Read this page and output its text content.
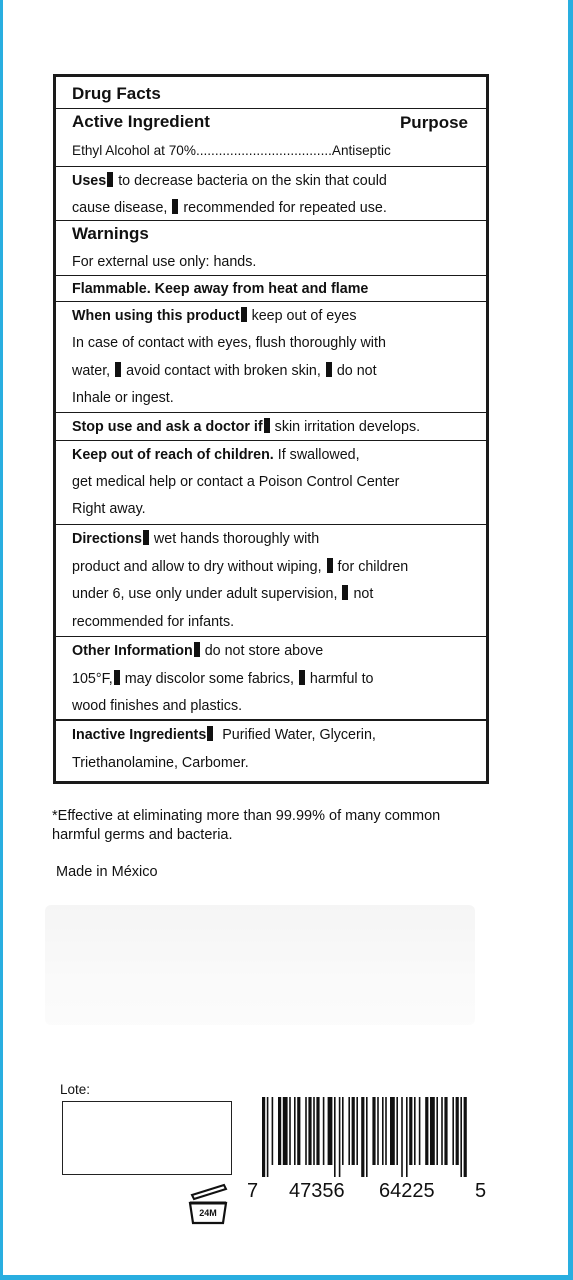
Drug Facts
Active Ingredient	Purpose
Ethyl Alcohol at 70%....................................Antiseptic
Uses to decrease bacteria on the skin that could
cause disease, recommended for repeated use.
Warnings
For external use only: hands.
Flammable. Keep away from heat and flame
When using this product keep out of eyes
In case of contact with eyes, flush thoroughly with
water, avoid contact with broken skin, do not
Inhale or ingest.
Stop use and ask a doctor if skin irritation develops.
Keep out of reach of children. If swallowed,
get medical help or contact a Poison Control Center
Right away.
Directions wet hands thoroughly with
product and allow to dry without wiping, for children
under 6, use only under adult supervision, not
recommended for infants.
Other Information do not store above
105°F, may discolor some fabrics, harmful to
wood finishes and plastics.
Inactive Ingredients Purified Water, Glycerin,
Triethanolamine, Carbomer.
*Effective at eliminating more than 99.99% of many common
harmful germs and bacteria.
Made in México
Lote:
24M
7 47356 64225 5
